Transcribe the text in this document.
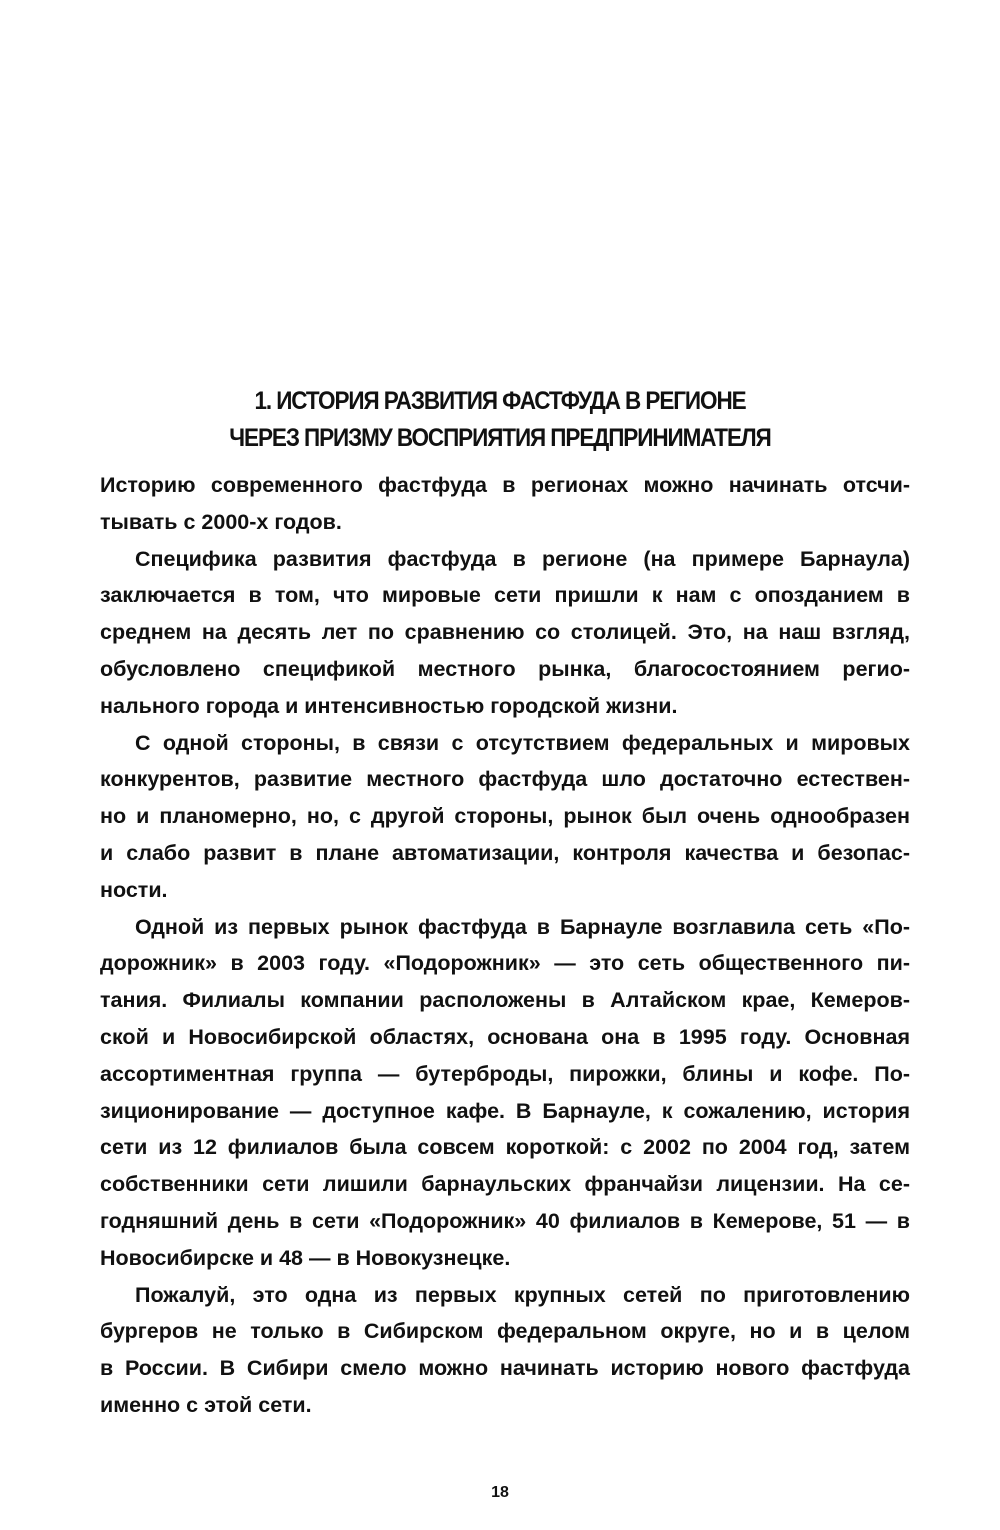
1. ИСТОРИЯ РАЗВИТИЯ ФАСТФУДА В РЕГИОНЕ
ЧЕРЕЗ ПРИЗМУ ВОСПРИЯТИЯ ПРЕДПРИНИМАТЕЛЯ
Историю современного фастфуда в регионах можно начинать отсчи-
тывать с 2000-х годов.
Специфика развития фастфуда в регионе (на примере Барнаула)
заключается в том, что мировые сети пришли к нам с опозданием в
среднем на десять лет по сравнению со столицей. Это, на наш взгляд,
обусловлено спецификой местного рынка, благосостоянием регио-
нального города и интенсивностью городской жизни.
С одной стороны, в связи с отсутствием федеральных и мировых
конкурентов, развитие местного фастфуда шло достаточно естествен-
но и планомерно, но, с другой стороны, рынок был очень однообразен
и слабо развит в плане автоматизации, контроля качества и безопас-
ности.
Одной из первых рынок фастфуда в Барнауле возглавила сеть «По-
дорожник» в 2003 году. «Подорожник» — это сеть общественного пи-
тания. Филиалы компании расположены в Алтайском крае, Кемеров-
ской и Новосибирской областях, основана она в 1995 году. Основная
ассортиментная группа — бутерброды, пирожки, блины и кофе. По-
зиционирование — доступное кафе. В Барнауле, к сожалению, история
сети из 12 филиалов была совсем короткой: с 2002 по 2004 год, затем
собственники сети лишили барнаульских франчайзи лицензии. На се-
годняшний день в сети «Подорожник» 40 филиалов в Кемерове, 51 — в
Новосибирске и 48 — в Новокузнецке.
Пожалуй, это одна из первых крупных сетей по приготовлению
бургеров не только в Сибирском федеральном округе, но и в целом
в России. В Сибири смело можно начинать историю нового фастфуда
именно с этой сети.
18
